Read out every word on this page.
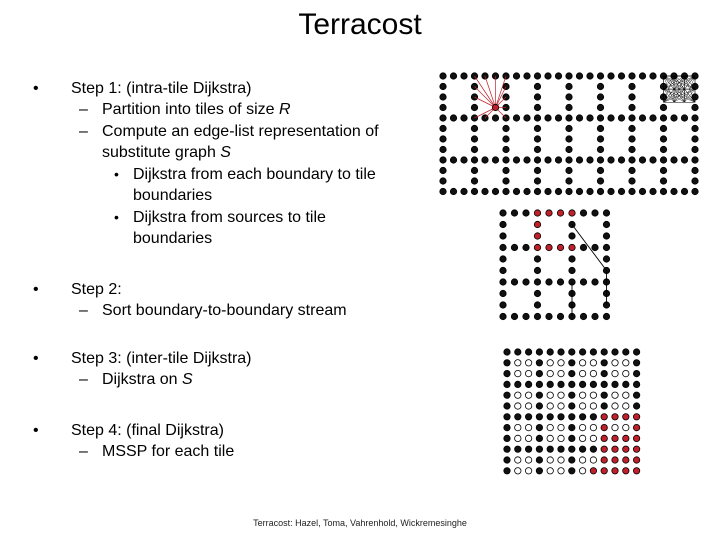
Terracost
• Step 1: (intra-tile Dijkstra)
– Partition into tiles of size R
– Compute an edge-list representation of
substitute graph S
• Dijkstra from each boundary to tile
boundaries
• Dijkstra from sources to tile
boundaries
• Step 2:
– Sort boundary-to-boundary stream
• Step 3: (inter-tile Dijkstra)
– Dijkstra on S
• Step 4: (final Dijkstra)
– MSSP for each tile
Terracost: Hazel, Toma, Vahrenhold, Wickremesinghe
